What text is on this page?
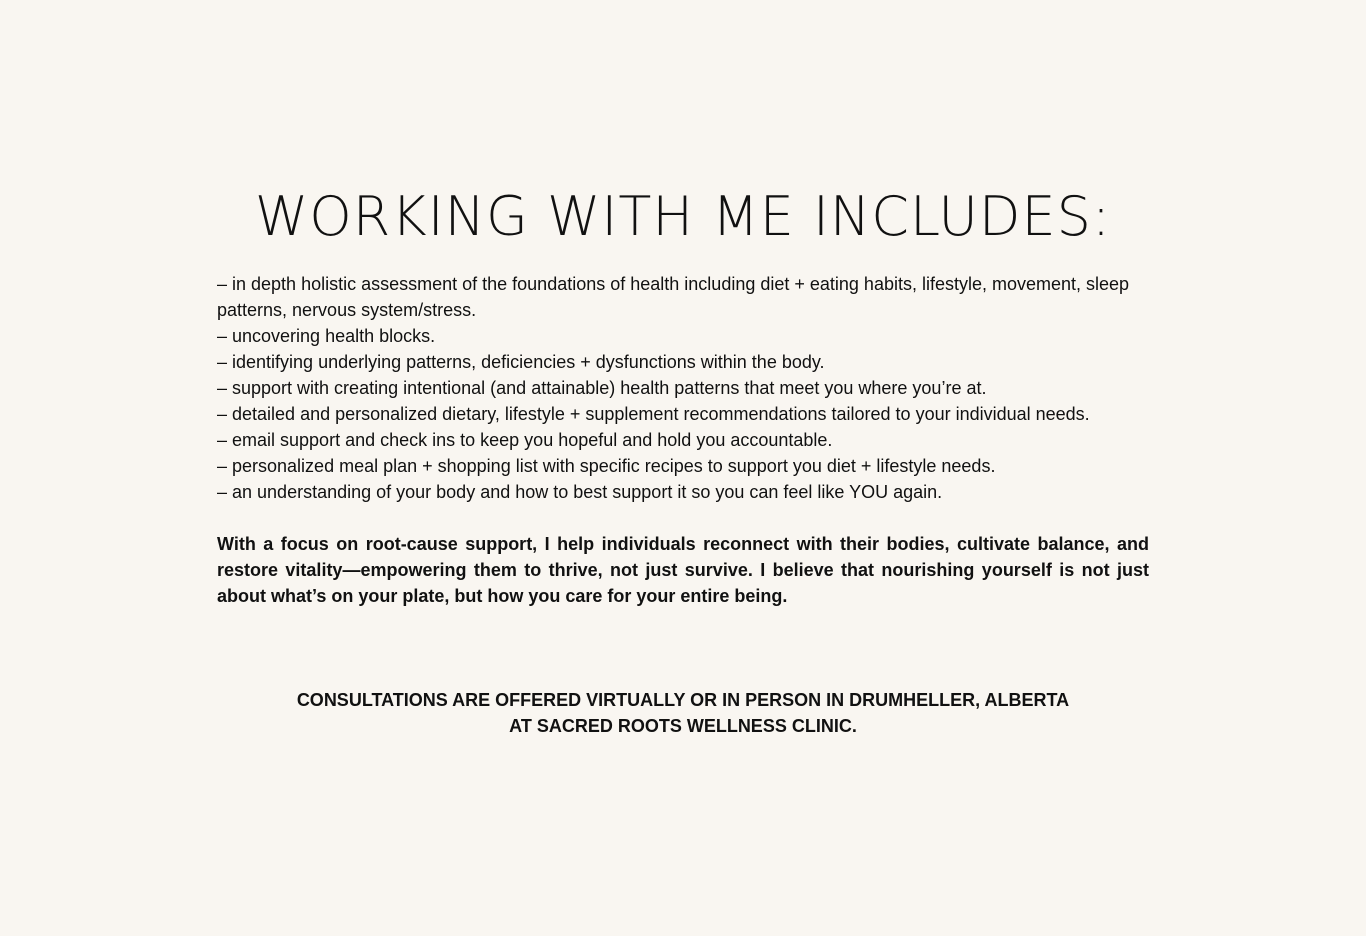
WORKING WITH ME INCLUDES:
– in depth holistic assessment of the foundations of health including diet + eating habits, lifestyle, movement, sleep patterns, nervous system/stress.
– uncovering health blocks.
– identifying underlying patterns, deficiencies + dysfunctions within the body.
– support with creating intentional (and attainable) health patterns that meet you where you’re at.
– detailed and personalized dietary, lifestyle + supplement recommendations tailored to your individual needs.
– email support and check ins to keep you hopeful and hold you accountable.
– personalized meal plan + shopping list with specific recipes to support you diet + lifestyle needs.
– an understanding of your body and how to best support it so you can feel like YOU again.

With a focus on root-cause support, I help individuals reconnect with their bodies, cultivate balance, and restore vitality—empowering them to thrive, not just survive. I believe that nourishing yourself is not just about what’s on your plate, but how you care for your entire being.

CONSULTATIONS ARE OFFERED VIRTUALLY OR IN PERSON IN DRUMHELLER, ALBERTA
AT SACRED ROOTS WELLNESS CLINIC.
